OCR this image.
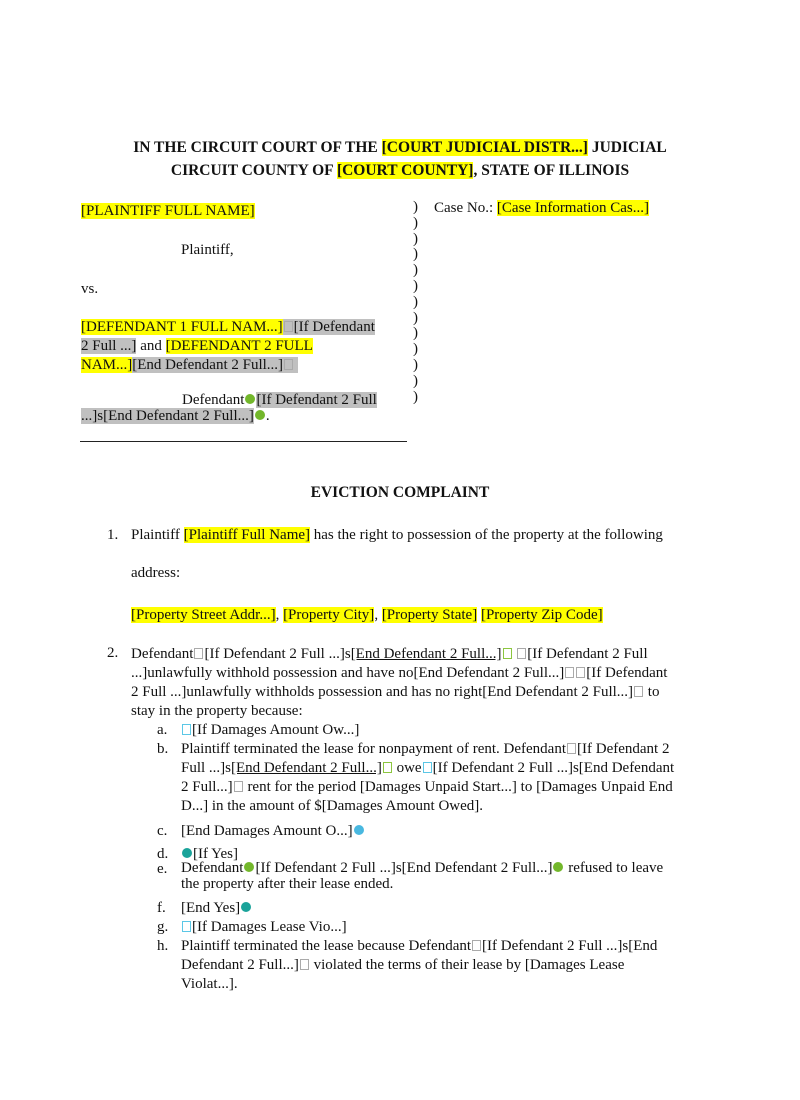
IN THE CIRCUIT COURT OF THE [COURT JUDICIAL DISTR...] JUDICIAL
CIRCUIT COUNTY OF [COURT COUNTY], STATE OF ILLINOIS
[PLAINTIFF FULL NAME]
Plaintiff,
vs.
[DEFENDANT 1 FULL NAM...] [If Defendant
2 Full ...] and [DEFENDANT 2 FULL
NAM...][End Defendant 2 Full...]
Defendant [If Defendant 2 Full
...]s[End Defendant 2 Full...] .
)
)
)
)
)
)
)
)
)
)
)
)
)
Case No.: [Case Information Cas...]
EVICTION COMPLAINT
1. Plaintiff [Plaintiff Full Name] has the right to possession of the property at the following
address:
[Property Street Addr...], [Property City], [Property State] [Property Zip Code]
2. Defendant [If Defendant 2 Full ...]s[End Defendant 2 Full...] [If Defendant 2 Full
...]unlawfully withhold possession and have no[End Defendant 2 Full...] [If Defendant
2 Full ...]unlawfully withholds possession and has no right[End Defendant 2 Full...] to
stay in the property because:
a.	[If Damages Amount Ow...]
b. Plaintiff terminated the lease for nonpayment of rent. Defendant [If Defendant 2
Full ...]s[End Defendant 2 Full...] owe [If Defendant 2 Full ...]s[End Defendant
2 Full...] rent for the period [Damages Unpaid Start...] to [Damages Unpaid End
D...] in the amount of $[Damages Amount Owed].
c. [End Damages Amount O...]
d.	[If Yes]
e. Defendant [If Defendant 2 Full ...]s[End Defendant 2 Full...] refused to leave
the property after their lease ended.
f. [End Yes]
g.	[If Damages Lease Vio...]
h. Plaintiff terminated the lease because Defendant [If Defendant 2 Full ...]s[End
Defendant 2 Full...] violated the terms of their lease by [Damages Lease
Violat...].
